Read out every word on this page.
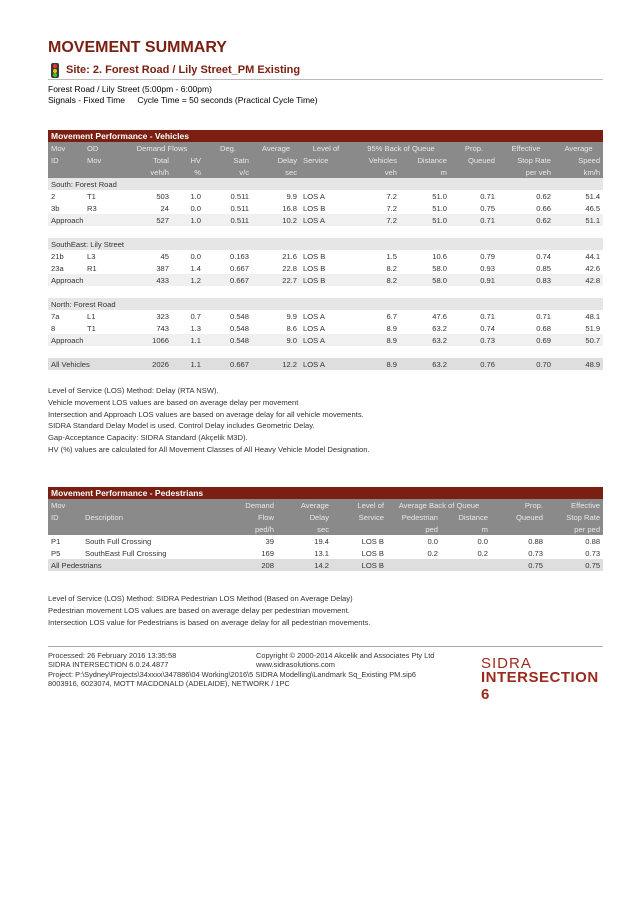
MOVEMENT SUMMARY
Site: 2. Forest Road / Lily Street_PM Existing
Forest Road / Lily Street (5:00pm - 6:00pm)
Signals - Fixed Time Cycle Time = 50 seconds (Practical Cycle Time)
Movement Performance - Vehicles											
Mov	OD	Demand Flows		Deg.	Average	Level of	95% Back of Queue		Prop.	Effective	Average
ID	Mov	Total	HV	Satn	Delay	Service	Vehicles	Distance	Queued	Stop Rate	Speed
		veh/h	%	v/c	sec		veh	m		per veh	km/h
South: Forest Road											
2	T1	503	1.0	0.511	9.9	LOS A	7.2	51.0	0.71	0.62	51.4
3b	R3	24	0.0	0.511	16.8	LOS B	7.2	51.0	0.75	0.66	46.5
Approach		527	1.0	0.511	10.2	LOS A	7.2	51.0	0.71	0.62	51.1

SouthEast: Lily Street											
21b	L3	45	0.0	0.163	21.6	LOS B	1.5	10.6	0.79	0.74	44.1
23a	R1	387	1.4	0.667	22.8	LOS B	8.2	58.0	0.93	0.85	42.6
Approach		433	1.2	0.667	22.7	LOS B	8.2	58.0	0.91	0.83	42.8

North: Forest Road											
7a	L1	323	0.7	0.548	9.9	LOS A	6.7	47.6	0.71	0.71	48.1
8	T1	743	1.3	0.548	8.6	LOS A	8.9	63.2	0.74	0.68	51.9
Approach		1066	1.1	0.548	9.0	LOS A	8.9	63.2	0.73	0.69	50.7

All Vehicles		2026	1.1	0.667	12.2	LOS A	8.9	63.2	0.76	0.70	48.9
Level of Service (LOS) Method: Delay (RTA NSW).
Vehicle movement LOS values are based on average delay per movement
Intersection and Approach LOS values are based on average delay for all vehicle movements.
SIDRA Standard Delay Model is used. Control Delay includes Geometric Delay.
Gap-Acceptance Capacity: SIDRA Standard (Akçelik M3D).
HV (%) values are calculated for All Movement Classes of All Heavy Vehicle Model Designation.
Movement Performance - Pedestrians								
Mov		Demand	Average	Level of	Average Back of Queue		Prop.	Effective
ID	Description	Flow	Delay	Service	Pedestrian	Distance	Queued	Stop Rate
		ped/h	sec		ped	m		per ped
P1	South Full Crossing	39	19.4	LOS B	0.0	0.0	0.88	0.88
P5	SouthEast Full Crossing	169	13.1	LOS B	0.2	0.2	0.73	0.73
All Pedestrians		208	14.2	LOS B			0.75	0.75
Level of Service (LOS) Method: SIDRA Pedestrian LOS Method (Based on Average Delay)
Pedestrian movement LOS values are based on average delay per pedestrian movement.
Intersection LOS value for Pedestrians is based on average delay for all pedestrian movements.
Processed: 26 February 2016 13:35:58
SIDRA INTERSECTION 6.0.24.4877
Project: P:\Sydney\Projects\34xxxx\347886\04 Working\2016\5 SIDRA Modelling\Landmark Sq_Existing PM.sip6
8003916, 6023074, MOTT MACDONALD (ADELAIDE), NETWORK / 1PC
Copyright © 2000-2014 Akcelik and Associates Pty Ltd
www.sidrasolutions.com	SIDRA
INTERSECTION 6
